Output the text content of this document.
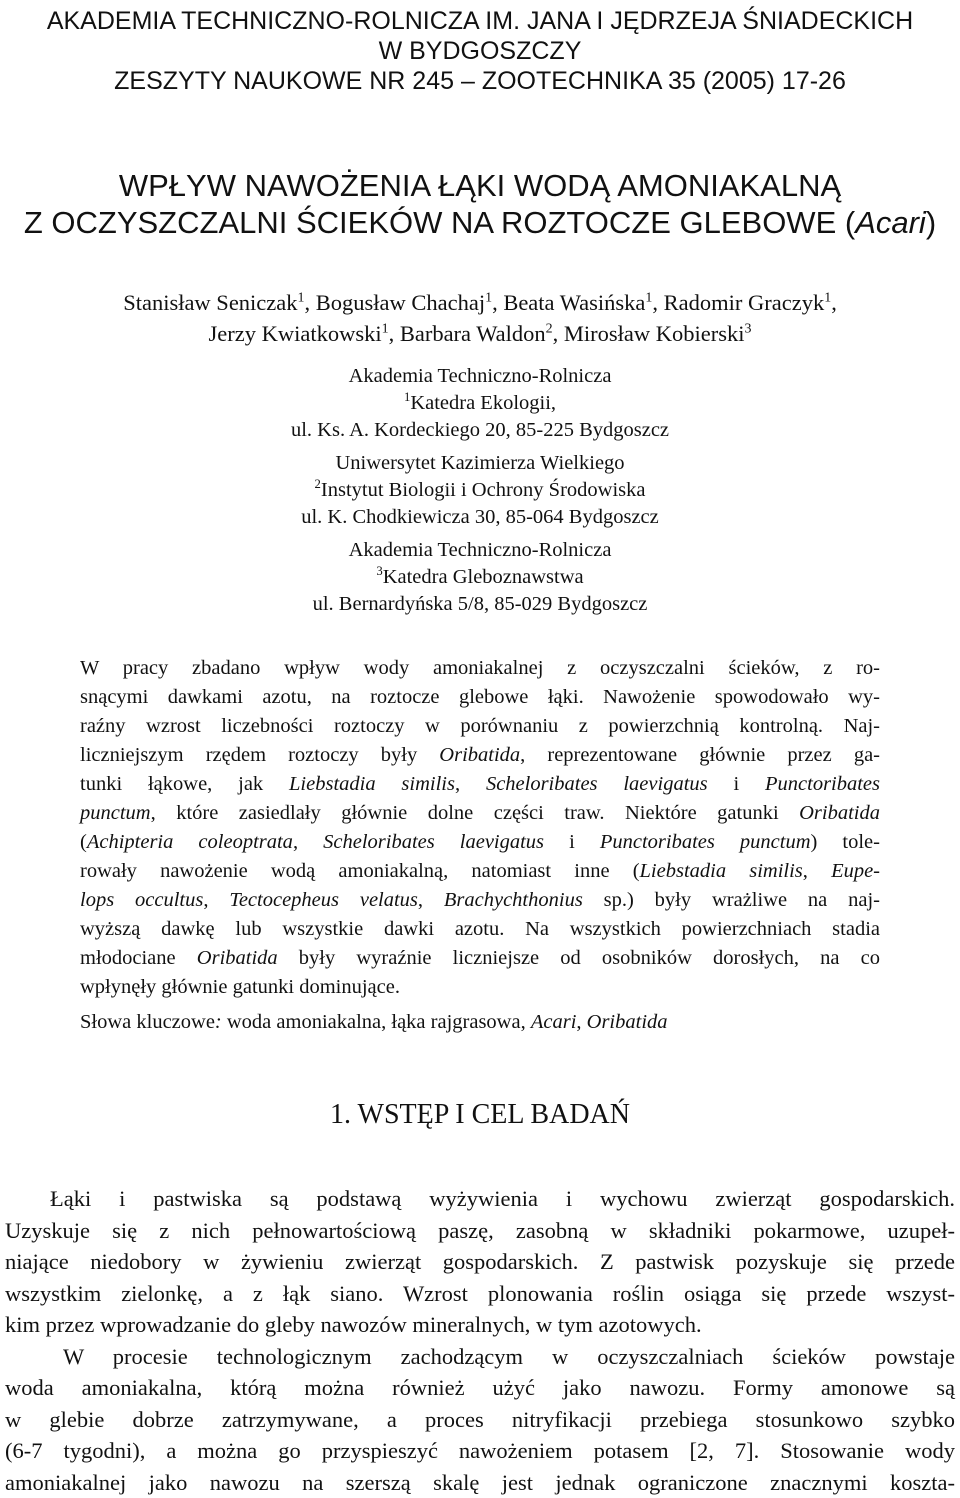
AKADEMIA TECHNICZNO-ROLNICZA IM. JANA I JĘDRZEJA ŚNIADECKICH
W BYDGOSZCZY
ZESZYTY NAUKOWE NR 245 – ZOOTECHNIKA 35 (2005) 17-26
WPŁYW NAWOŻENIA ŁĄKI WODĄ AMONIAKALNĄ
Z OCZYSZCZALNI ŚCIEKÓW NA ROZTOCZE GLEBOWE (Acari)
Stanisław Seniczak$^1$, Bogusław Chachaj$^1$, Beata Wasińska$^1$, Radomir Graczyk$^1$,
Jerzy Kwiatkowski$^1$, Barbara Waldon$^2$, Mirosław Kobierski$^3$
Akademia Techniczno-Rolnicza
$^1$Katedra Ekologii,
ul. Ks. A. Kordeckiego 20, 85-225 Bydgoszcz
Uniwersytet Kazimierza Wielkiego
$^2$Instytut Biologii i Ochrony Środowiska
ul. K. Chodkiewicza 30, 85-064 Bydgoszcz
Akademia Techniczno-Rolnicza
$^3$Katedra Gleboznawstwa
ul. Bernardyńska 5/8, 85-029 Bydgoszcz
W pracy zbadano wpływ wody amoniakalnej z oczyszczalni ścieków, z ro-
snącymi dawkami azotu, na roztocze glebowe łąki. Nawożenie spowodowało wy-
raźny wzrost liczebności roztoczy w porównaniu z powierzchnią kontrolną. Naj-
liczniejszym rzędem roztoczy były Oribatida, reprezentowane głównie przez ga-
tunki łąkowe, jak Liebstadia similis, Scheloribates laevigatus i Punctoribates
punctum, które zasiedlały głównie dolne części traw. Niektóre gatunki Oribatida
(Achipteria coleoptrata, Scheloribates laevigatus i Punctoribates punctum) tole-
rowały nawożenie wodą amoniakalną, natomiast inne (Liebstadia similis, Eupe-
lops occultus, Tectocepheus velatus, Brachychthonius sp.) były wrażliwe na naj-
wyższą dawkę lub wszystkie dawki azotu. Na wszystkich powierzchniach stadia
młodociane Oribatida były wyraźnie liczniejsze od osobników dorosłych, na co
wpłynęły głównie gatunki dominujące.
Słowa kluczowe: woda amoniakalna, łąka rajgrasowa, Acari, Oribatida
1. WSTĘP I CEL BADAŃ
Łąki i pastwiska są podstawą wyżywienia i wychowu zwierząt gospodarskich.
Uzyskuje się z nich pełnowartościową paszę, zasobną w składniki pokarmowe, uzupeł-
niające niedobory w żywieniu zwierząt gospodarskich. Z pastwisk pozyskuje się przede
wszystkim zielonkę, a z łąk siano. Wzrost plonowania roślin osiąga się przede wszyst-
kim przez wprowadzanie do gleby nawozów mineralnych, w tym azotowych.
W procesie technologicznym zachodzącym w oczyszczalniach ścieków powstaje
woda amoniakalna, którą można również użyć jako nawozu. Formy amonowe są
w glebie dobrze zatrzymywane, a proces nitryfikacji przebiega stosunkowo szybko
(6-7 tygodni), a można go przyspieszyć nawożeniem potasem [2, 7]. Stosowanie wody
amoniakalnej jako nawozu na szerszą skalę jest jednak ograniczone znacznymi koszta-
